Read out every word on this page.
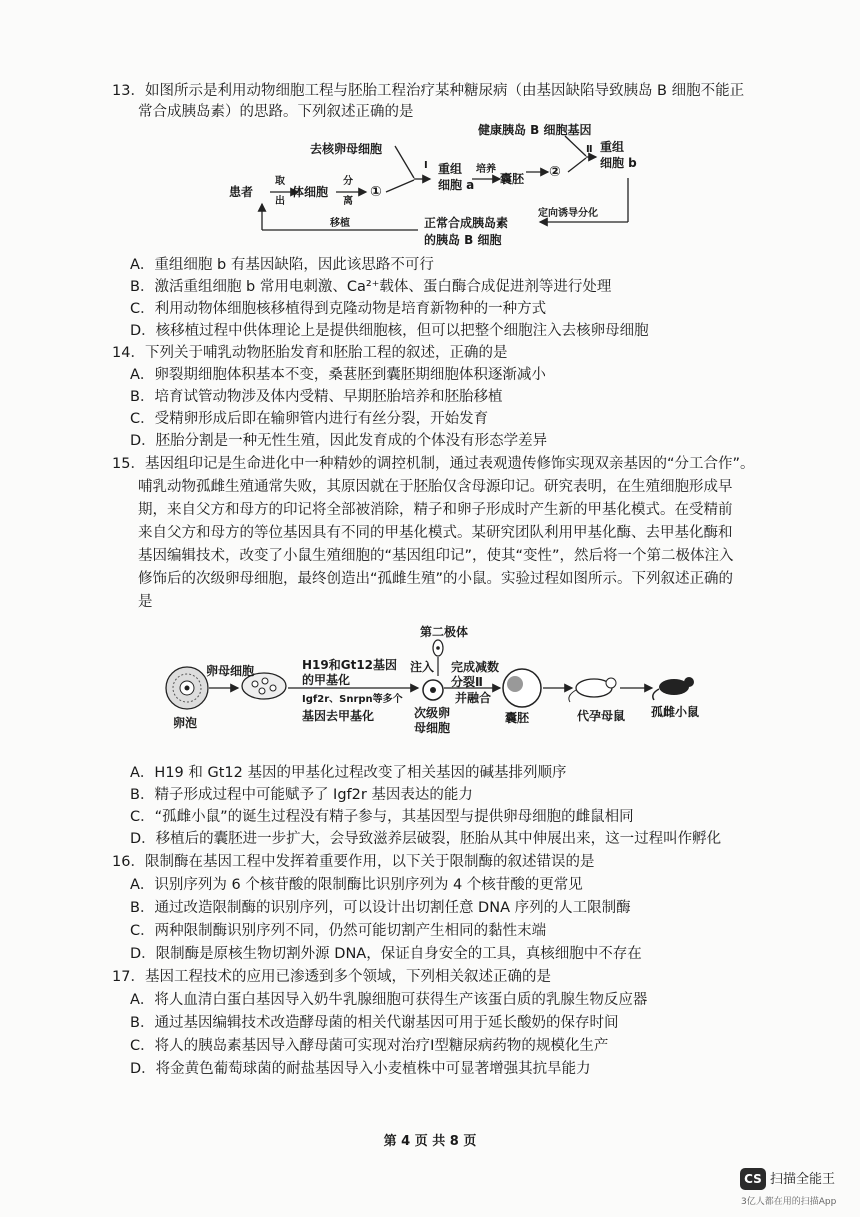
13．如图所示是利用动物细胞工程与胚胎工程治疗某种糖尿病（由基因缺陷导致胰岛 B 细胞不能正
常合成胰岛素）的思路。下列叙述正确的是
去核卵母细胞
健康胰岛 B 细胞基因
患者
取
出
体细胞
分
离
①
Ⅰ 重组
细胞 a
培养
囊胚 ②
Ⅱ 重组
细胞 b
移植	正常合成胰岛素
的胰岛 B 细胞
定向诱导分化
A．重组细胞 b 有基因缺陷，因此该思路不可行
B．激活重组细胞 b 常用电刺激、Ca²⁺载体、蛋白酶合成促进剂等进行处理
C．利用动物体细胞核移植得到克隆动物是培育新物种的一种方式
D．核移植过程中供体理论上是提供细胞核，但可以把整个细胞注入去核卵母细胞
14．下列关于哺乳动物胚胎发育和胚胎工程的叙述，正确的是
A．卵裂期细胞体积基本不变，桑葚胚到囊胚期细胞体积逐渐减小
B．培育试管动物涉及体内受精、早期胚胎培养和胚胎移植
C．受精卵形成后即在输卵管内进行有丝分裂，开始发育
D．胚胎分割是一种无性生殖，因此发育成的个体没有形态学差异
15．基因组印记是生命进化中一种精妙的调控机制，通过表观遗传修饰实现双亲基因的“分工合作”。
哺乳动物孤雌生殖通常失败，其原因就在于胚胎仅含母源印记。研究表明，在生殖细胞形成早
期，来自父方和母方的印记将全部被消除，精子和卵子形成时产生新的甲基化模式。在受精前
来自父方和母方的等位基因具有不同的甲基化模式。某研究团队利用甲基化酶、去甲基化酶和
基因编辑技术，改变了小鼠生殖细胞的“基因组印记”，使其“变性”，然后将一个第二极体注入
修饰后的次级卵母细胞，最终创造出“孤雌生殖”的小鼠。实验过程如图所示。下列叙述正确的
是
第二极体
卵母细胞	H19和Gt12基因
的甲基化
注入 完成减数
分裂Ⅱ
并融合
Igf2r、Snrpn等多个
基因去甲基化
卵泡
次级卵
母细胞
囊胚	代孕母鼠 孤雌小鼠
A．H19 和 Gt12 基因的甲基化过程改变了相关基因的碱基排列顺序
B．精子形成过程中可能赋予了 Igf2r 基因表达的能力
C．“孤雌小鼠”的诞生过程没有精子参与，其基因型与提供卵母细胞的雌鼠相同
D．移植后的囊胚进一步扩大，会导致滋养层破裂，胚胎从其中伸展出来，这一过程叫作孵化
16．限制酶在基因工程中发挥着重要作用，以下关于限制酶的叙述错误的是
A．识别序列为 6 个核苷酸的限制酶比识别序列为 4 个核苷酸的更常见
B．通过改造限制酶的识别序列，可以设计出切割任意 DNA 序列的人工限制酶
C．两种限制酶识别序列不同，仍然可能切割产生相同的黏性末端
D．限制酶是原核生物切割外源 DNA，保证自身安全的工具，真核细胞中不存在
17．基因工程技术的应用已渗透到多个领域，下列相关叙述正确的是
A．将人血清白蛋白基因导入奶牛乳腺细胞可获得生产该蛋白质的乳腺生物反应器
B．通过基因编辑技术改造酵母菌的相关代谢基因可用于延长酸奶的保存时间
C．将人的胰岛素基因导入酵母菌可实现对治疗I型糖尿病药物的规模化生产
D．将金黄色葡萄球菌的耐盐基因导入小麦植株中可显著增强其抗旱能力
第 4 页 共 8 页
CS 扫描全能王
3亿人都在用的扫描App
